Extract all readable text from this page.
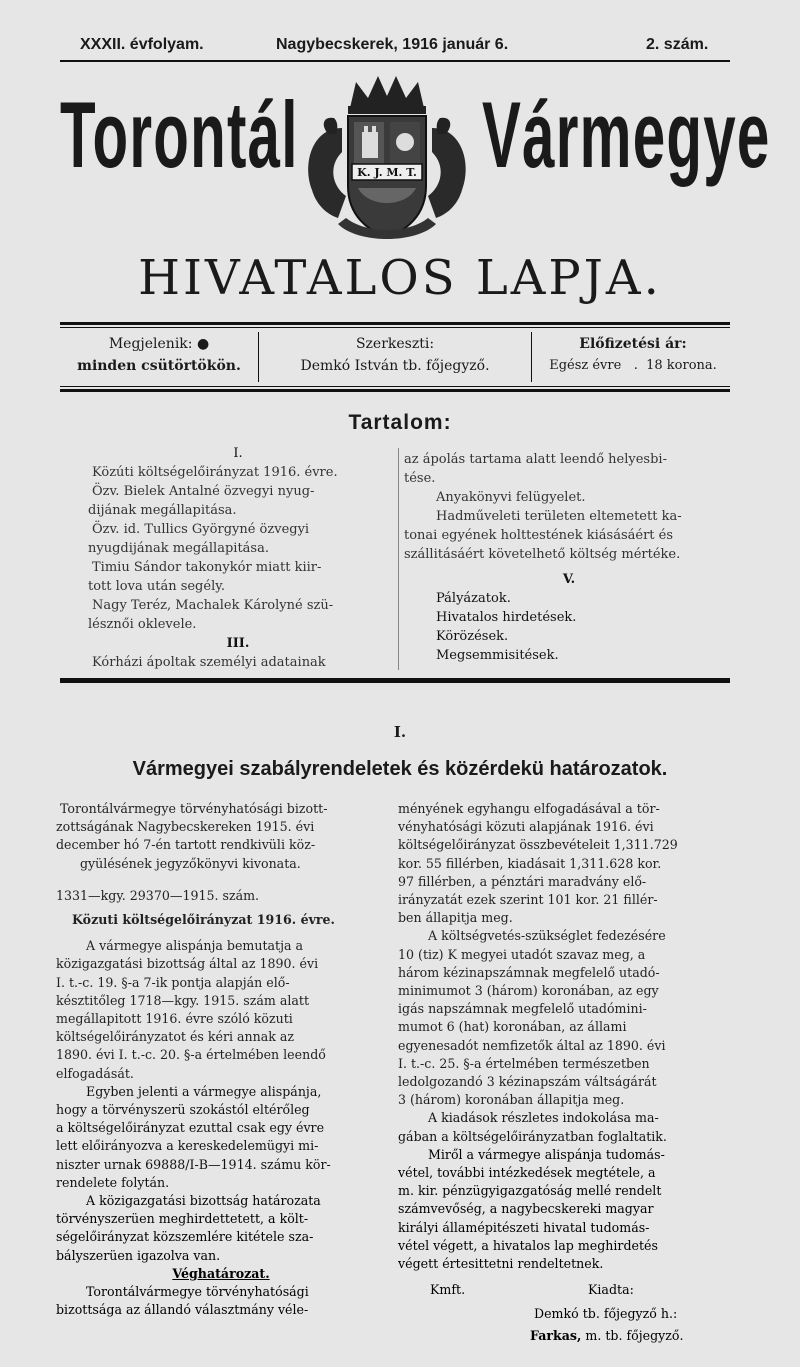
XXXII. évfolyam.	Nagybecskerek, 1916 január 6.	2. szám.
Torontál Vármegye
K. J. M. T.
HIVATALOS LAPJA.
Megjelenik: ●
minden csütörtökön.
Szerkeszti:
Demkó István tb. főjegyző.
Előfizetési ár:
Egész évre   .  18 korona.
Tartalom:
I.
Közúti költségelőirányzat 1916. évre.
Özv. Bielek Antalné özvegyi nyug-
dijának megállapitása.
Özv. id. Tullics Györgyné özvegyi
nyugdijának megállapitása.
Timiu Sándor takonykór miatt kiir-
tott lova után segély.
Nagy Teréz, Machalek Károlyné szü-
lésznői oklevele.
III.
Kórházi ápoltak személyi adatainak
az ápolás tartama alatt leendő helyesbi-
tése.
Anyakönyvi felügyelet.
Hadműveleti területen eltemetett ka-
tonai egyének holttestének kiásásáért és
szállitásáért követelhető költség mértéke.
V.
Pályázatok.
Hivatalos hirdetések.
Körözések.
Megsemmisitések.
I.
Vármegyei szabályrendeletek és közérdekü határozatok.
Torontálvármegye törvényhatósági bizott-
zottságának Nagybecskereken 1915. évi
december hó 7-én tartott rendkivüli köz-
gyülésének jegyzőkönyvi kivonata.
1331—kgy. 29370—1915. szám.
Közuti költségelőirányzat 1916. évre.
A vármegye alispánja bemutatja a
közigazgatási bizottság által az 1890. évi
I. t.-c. 19. §-a 7-ik pontja alapján elő-
késztitőleg 1718—kgy. 1915. szám alatt
megállapitott 1916. évre szóló közuti
költségelőirányzatot és kéri annak az
1890. évi I. t.-c. 20. §-a értelmében leendő
elfogadását.
Egyben jelenti a vármegye alispánja,
hogy a törvényszerü szokástól eltérőleg
a költségelőirányzat ezuttal csak egy évre
lett előirányozva a kereskedelemügyi mi-
niszter urnak 69888/I-B—1914. számu kör-
rendelete folytán.
A közigazgatási bizottság határozata
törvényszerüen meghirdettetett, a költ-
ségelőirányzat közszemlére kitétele sza-
bályszerüen igazolva van.
Véghatározat.
Torontálvármegye törvényhatósági
bizottsága az állandó választmány véle-
ményének egyhangu elfogadásával a tör-
vényhatósági közuti alapjának 1916. évi
költségelőirányzat összbevételeit 1,311.729
kor. 55 fillérben, kiadásait 1,311.628 kor.
97 fillérben, a pénztári maradvány elő-
irányzatát ezek szerint 101 kor. 21 fillér-
ben állapitja meg.
A költségvetés-szükséglet fedezésére
10 (tiz) K megyei utadót szavaz meg, a
három kézinapszámnak megfelelő utadó-
minimumot 3 (három) koronában, az egy
igás napszámnak megfelelő utadómini-
mumot 6 (hat) koronában, az állami
egyenesadót nemfizetők által az 1890. évi
I. t.-c. 25. §-a értelmében természetben
ledolgozandó 3 kézinapszám váltságárát
3 (három) koronában állapitja meg.
A kiadások részletes indokolása ma-
gában a költségelőirányzatban foglaltatik.
Miről a vármegye alispánja tudomás-
vétel, további intézkedések megtétele, a
m. kir. pénzügyigazgatóság mellé rendelt
számvevőség, a nagybecskereki magyar
királyi államépitészeti hivatal tudomás-
vétel végett, a hivatalos lap meghirdetés
végett értesittetni rendeltetnek.
Kmft.	Kiadta:
Demkó tb. főjegyző h.:
Farkas, m. tb. főjegyző.
